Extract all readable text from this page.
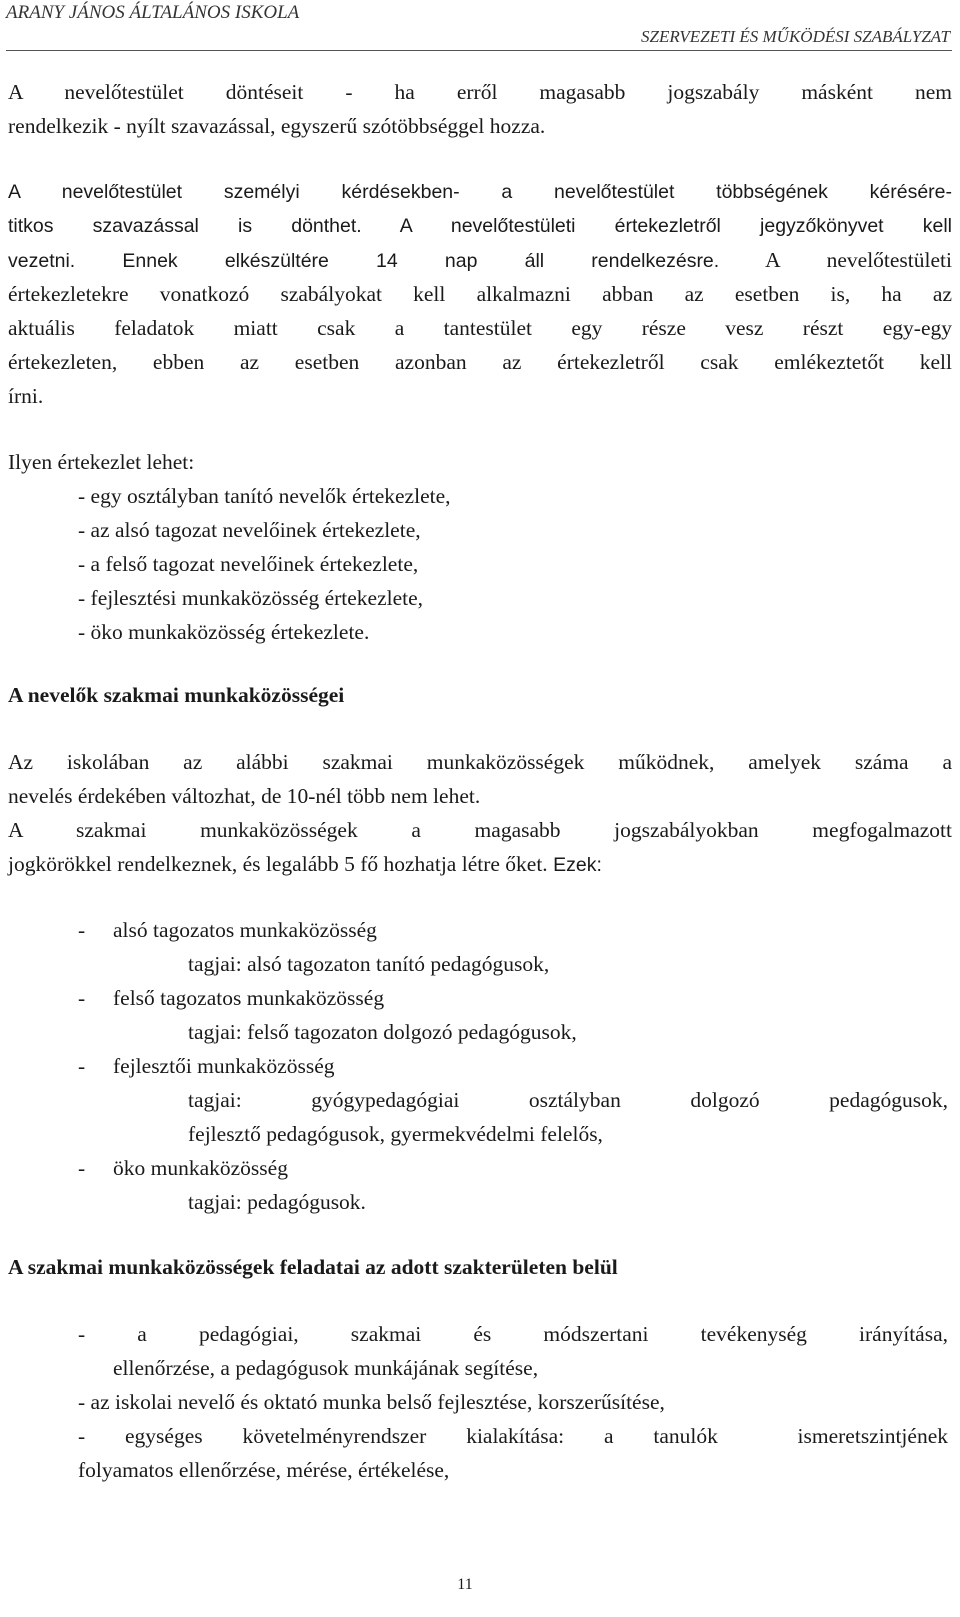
ARANY JÁNOS ÁLTALÁNOS ISKOLA
SZERVEZETI ÉS MŰKÖDÉSI SZABÁLYZAT
A nevelőtestület döntéseit - ha erről magasabb jogszabály másként nem
rendelkezik - nyílt szavazással, egyszerű szótöbbséggel hozza.
A nevelőtestület személyi kérdésekben- a nevelőtestület többségének kérésére-
titkos szavazással is dönthet. A nevelőtestületi értekezletről jegyzőkönyvet kell
vezetni. Ennek elkészültére 14 nap áll rendelkezésre. A nevelőtestületi
értekezletekre vonatkozó szabályokat kell alkalmazni abban az esetben is, ha az
aktuális feladatok miatt csak a tantestület egy része vesz részt egy-egy
értekezleten, ebben az esetben azonban az értekezletről csak emlékeztetőt kell
írni.
Ilyen értekezlet lehet:
- egy osztályban tanító nevelők értekezlete,
- az alsó tagozat nevelőinek értekezlete,
- a felső tagozat nevelőinek értekezlete,
- fejlesztési munkaközösség értekezlete,
- öko munkaközösség értekezlete.
A nevelők szakmai munkaközösségei
Az iskolában az alábbi szakmai munkaközösségek működnek, amelyek száma a
nevelés érdekében változhat, de 10-nél több nem lehet.
A szakmai munkaközösségek a magasabb jogszabályokban megfogalmazott
jogkörökkel rendelkeznek, és legalább 5 fő hozhatja létre őket. Ezek:
- alsó tagozatos munkaközösség
tagjai: alsó tagozaton tanító pedagógusok,
- felső tagozatos munkaközösség
tagjai: felső tagozaton dolgozó pedagógusok,
- fejlesztői munkaközösség
tagjai: gyógypedagógiai osztályban dolgozó pedagógusok,
fejlesztő pedagógusok, gyermekvédelmi felelős,
- öko munkaközösség
tagjai: pedagógusok.
A szakmai munkaközösségek feladatai az adott szakterületen belül
- a pedagógiai, szakmai és módszertani tevékenység irányítása,
ellenőrzése, a pedagógusok munkájának segítése,
- az iskolai nevelő és oktató munka belső fejlesztése, korszerűsítése,
- egységes követelményrendszer kialakítása: a tanulók  ismeretszintjének
folyamatos ellenőrzése, mérése, értékelése,
11
